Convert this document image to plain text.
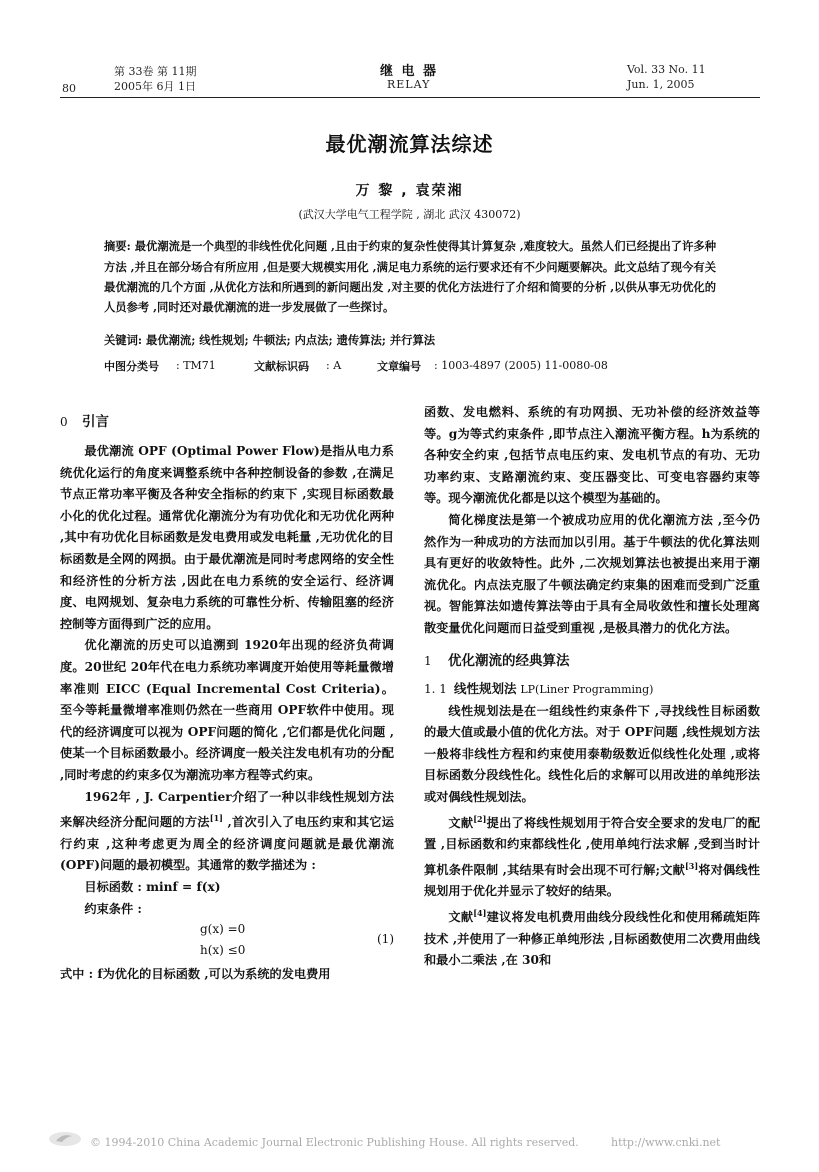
80
第 33卷 第 11期
2005年 6月 1日
继 电 器
RELAY
Vol. 33 No. 11
Jun. 1, 2005
最优潮流算法综述
万 黎 , 袁荣湘
(武汉大学电气工程学院 , 湖北 武汉 430072)
摘要: 最优潮流是一个典型的非线性优化问题 ,且由于约束的复杂性使得其计算复杂 ,难度较大。虽然人们已经提出了许多种方法 ,并且在部分场合有所应用 ,但是要大规模实用化 ,满足电力系统的运行要求还有不少问题要解决。此文总结了现今有关最优潮流的几个方面 ,从优化方法和所遇到的新问题出发 ,对主要的优化方法进行了介绍和简要的分析 ,以供从事无功优化的人员参考 ,同时还对最优潮流的进一步发展做了一些探讨。
关键词: 最优潮流; 线性规划; 牛顿法; 内点法; 遗传算法; 并行算法
中图分类号 : TM71	文献标识码 : A	文章编号 : 1003-4897 (2005) 11-0080-08
0 引言

最优潮流 OPF (Optimal Power Flow)是指从电力系统优化运行的角度来调整系统中各种控制设备的参数 ,在满足节点正常功率平衡及各种安全指标的约束下 ,实现目标函数最小化的优化过程。通常优化潮流分为有功优化和无功优化两种 ,其中有功优化目标函数是发电费用或发电耗量 ,无功优化的目标函数是全网的网损。由于最优潮流是同时考虑网络的安全性和经济性的分析方法 ,因此在电力系统的安全运行、经济调度、电网规划、复杂电力系统的可靠性分析、传输阻塞的经济控制等方面得到广泛的应用。

优化潮流的历史可以追溯到 1920年出现的经济负荷调度。20世纪 20年代在电力系统功率调度开始使用等耗量微增率准则 EICC (Equal Incremental Cost Criteria)。至今等耗量微增率准则仍然在一些商用 OPF软件中使用。现代的经济调度可以视为 OPF问题的简化 ,它们都是优化问题 ,使某一个目标函数最小。经济调度一般关注发电机有功的分配 ,同时考虑的约束多仅为潮流功率方程等式约束。

1962年 , J. Carpentier介绍了一种以非线性规划方法来解决经济分配问题的方法[1] ,首次引入了电压约束和其它运行约束 ,这种考虑更为周全的经济调度问题就是最优潮流 (OPF)问题的最初模型。其通常的数学描述为 :

目标函数 : minf = f(x)

约束条件 :

g(x) =0
h(x) ≤0
(1)

式中 : f为优化的目标函数 ,可以为系统的发电费用

函数、发电燃料、系统的有功网损、无功补偿的经济效益等等。g为等式约束条件 ,即节点注入潮流平衡方程。h为系统的各种安全约束 ,包括节点电压约束、发电机节点的有功、无功功率约束、支路潮流约束、变压器变比、可变电容器约束等等。现今潮流优化都是以这个模型为基础的。

简化梯度法是第一个被成功应用的优化潮流方法 ,至今仍然作为一种成功的方法而加以引用。基于牛顿法的优化算法则具有更好的收敛特性。此外 ,二次规划算法也被提出来用于潮流优化。内点法克服了牛顿法确定约束集的困难而受到广泛重视。智能算法如遗传算法等由于具有全局收敛性和擅长处理离散变量优化问题而日益受到重视 ,是极具潜力的优化方法。

1 优化潮流的经典算法
1. 1 线性规划法 LP(Liner Programming)

线性规划法是在一组线性约束条件下 ,寻找线性目标函数的最大值或最小值的优化方法。对于 OPF问题 ,线性规划方法一般将非线性方程和约束使用泰勒级数近似线性化处理 ,或将目标函数分段线性化。线性化后的求解可以用改进的单纯形法或对偶线性规划法。

文献[2]提出了将线性规划用于符合安全要求的发电厂的配置 ,目标函数和约束都线性化 ,使用单纯行法求解 ,受到当时计算机条件限制 ,其结果有时会出现不可行解;文献[3]将对偶线性规划用于优化并显示了较好的结果。

文献[4]建议将发电机费用曲线分段线性化和使用稀疏矩阵技术 ,并使用了一种修正单纯形法 ,目标函数使用二次费用曲线和最小二乘法 ,在 30和

© 1994-2010 China Academic Journal Electronic Publishing House. All rights reserved.	http://www.cnki.net
